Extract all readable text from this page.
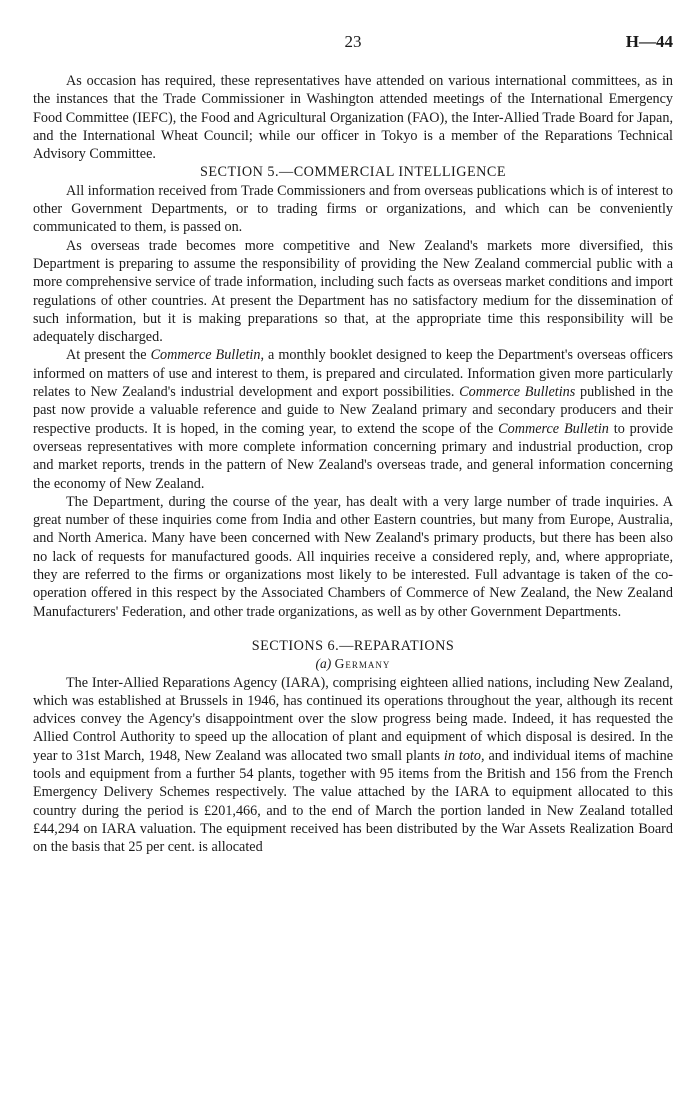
23	H—44

As occasion has required, these representatives have attended on various international committees, as in the instances that the Trade Commissioner in Washington attended meetings of the International Emergency Food Committee (IEFC), the Food and Agricultural Organization (FAO), the Inter-Allied Trade Board for Japan, and the International Wheat Council; while our officer in Tokyo is a member of the Reparations Technical Advisory Committee.

SECTION 5.—COMMERCIAL INTELLIGENCE

All information received from Trade Commissioners and from overseas publications which is of interest to other Government Departments, or to trading firms or organizations, and which can be conveniently communicated to them, is passed on.

As overseas trade becomes more competitive and New Zealand's markets more diversified, this Department is preparing to assume the responsibility of providing the New Zealand commercial public with a more comprehensive service of trade information, including such facts as overseas market conditions and import regulations of other countries. At present the Department has no satisfactory medium for the dissemination of such information, but it is making preparations so that, at the appropriate time this responsibility will be adequately discharged.

At present the Commerce Bulletin, a monthly booklet designed to keep the Department's overseas officers informed on matters of use and interest to them, is prepared and circulated. Information given more particularly relates to New Zealand's industrial development and export possibilities. Commerce Bulletins published in the past now provide a valuable reference and guide to New Zealand primary and secondary producers and their respective products. It is hoped, in the coming year, to extend the scope of the Commerce Bulletin to provide overseas representatives with more complete information concerning primary and industrial production, crop and market reports, trends in the pattern of New Zealand's overseas trade, and general information concerning the economy of New Zealand.

The Department, during the course of the year, has dealt with a very large number of trade inquiries. A great number of these inquiries come from India and other Eastern countries, but many from Europe, Australia, and North America. Many have been concerned with New Zealand's primary products, but there has been also no lack of requests for manufactured goods. All inquiries receive a considered reply, and, where appropriate, they are referred to the firms or organizations most likely to be interested. Full advantage is taken of the co-operation offered in this respect by the Associated Chambers of Commerce of New Zealand, the New Zealand Manufacturers' Federation, and other trade organizations, as well as by other Government Departments.

SECTIONS 6.—REPARATIONS

(a) Germany

The Inter-Allied Reparations Agency (IARA), comprising eighteen allied nations, including New Zealand, which was established at Brussels in 1946, has continued its operations throughout the year, although its recent advices convey the Agency's disappointment over the slow progress being made. Indeed, it has requested the Allied Control Authority to speed up the allocation of plant and equipment of which disposal is desired. In the year to 31st March, 1948, New Zealand was allocated two small plants in toto, and individual items of machine tools and equipment from a further 54 plants, together with 95 items from the British and 156 from the French Emergency Delivery Schemes respectively. The value attached by the IARA to equipment allocated to this country during the period is £201,466, and to the end of March the portion landed in New Zealand totalled £44,294 on IARA valuation. The equipment received has been distributed by the War Assets Realization Board on the basis that 25 per cent. is allocated
